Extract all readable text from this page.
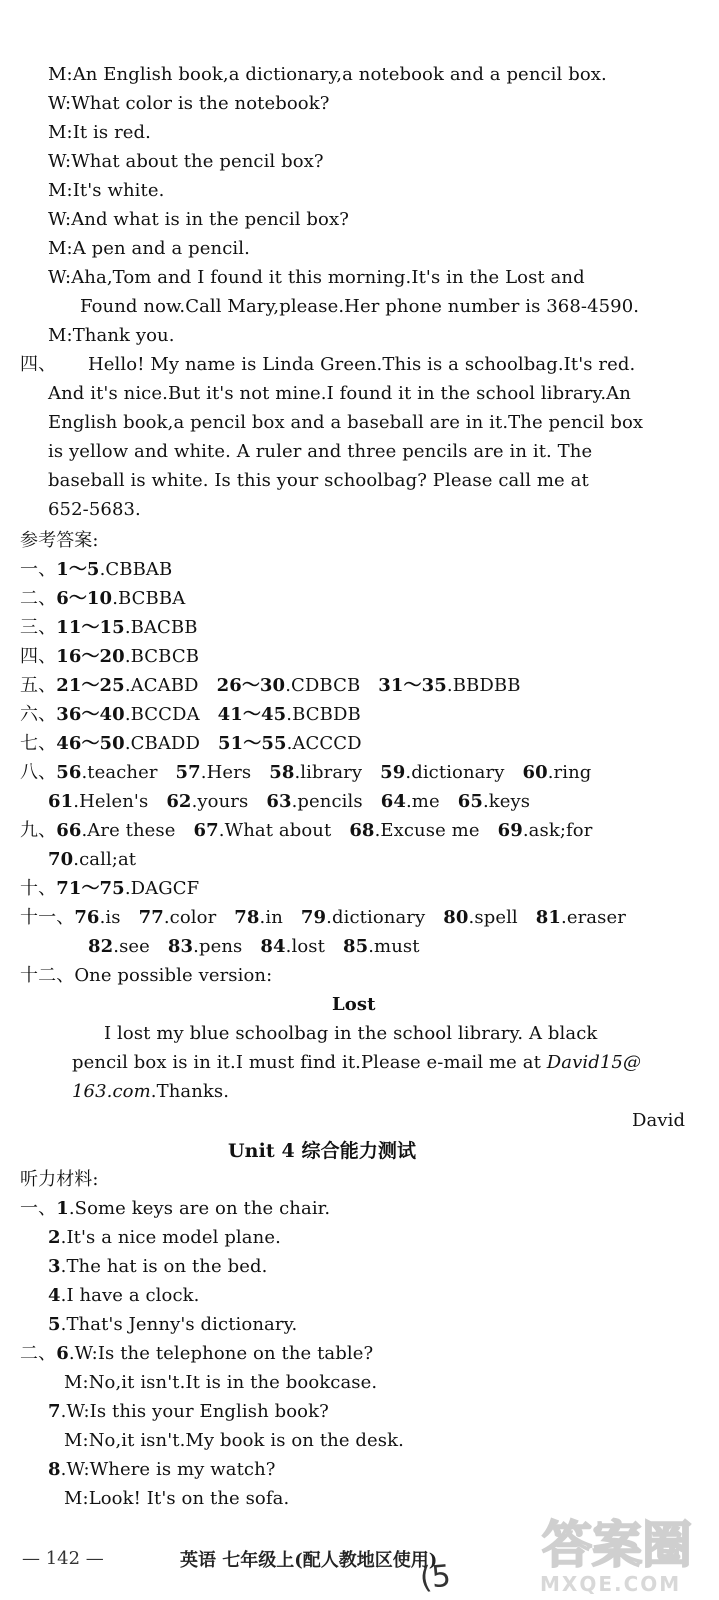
M:An English book,a dictionary,a notebook and a pencil box.
W:What color is the notebook?
M:It is red.
W:What about the pencil box?
M:It's white.
W:And what is in the pencil box?
M:A pen and a pencil.
W:Aha,Tom and I found it this morning.It's in the Lost and
Found now.Call Mary,please.Her phone number is 368-4590.
M:Thank you.
四、 Hello! My name is Linda Green.This is a schoolbag.It's red.
And it's nice.But it's not mine.I found it in the school library.An
English book,a pencil box and a baseball are in it.The pencil box
is yellow and white. A ruler and three pencils are in it. The
baseball is white. Is this your schoolbag? Please call me at
652-5683.
参考答案:
一、1～5.CBBAB
二、6～10.BCBBA
三、11～15.BACBB
四、16～20.BCBCB
五、21～25.ACABD 26～30.CDBCB 31～35.BBDBB
六、36～40.BCCDA 41～45.BCBDB
七、46～50.CBADD 51～55.ACCCD
八、56.teacher 57.Hers 58.library 59.dictionary 60.ring
61.Helen's 62.yours 63.pencils 64.me 65.keys
九、66.Are these 67.What about 68.Excuse me 69.ask;for
70.call;at
十、71～75.DAGCF
十一、76.is 77.color 78.in 79.dictionary 80.spell 81.eraser
82.see 83.pens 84.lost 85.must
十二、One possible version:
Lost
I lost my blue schoolbag in the school library. A black
pencil box is in it.I must find it.Please e-mail me at David15@
163.com.Thanks.
David
Unit 4 综合能力测试
听力材料:
一、1.Some keys are on the chair.
2.It's a nice model plane.
3.The hat is on the bed.
4.I have a clock.
5.That's Jenny's dictionary.
二、6.W:Is the telephone on the table?
M:No,it isn't.It is in the bookcase.
7.W:Is this your English book?
M:No,it isn't.My book is on the desk.
8.W:Where is my watch?
M:Look! It's on the sofa.
答案圈
MXQE.COM
— 142 —	英语 七年级上(配人教地区使用)
(5
